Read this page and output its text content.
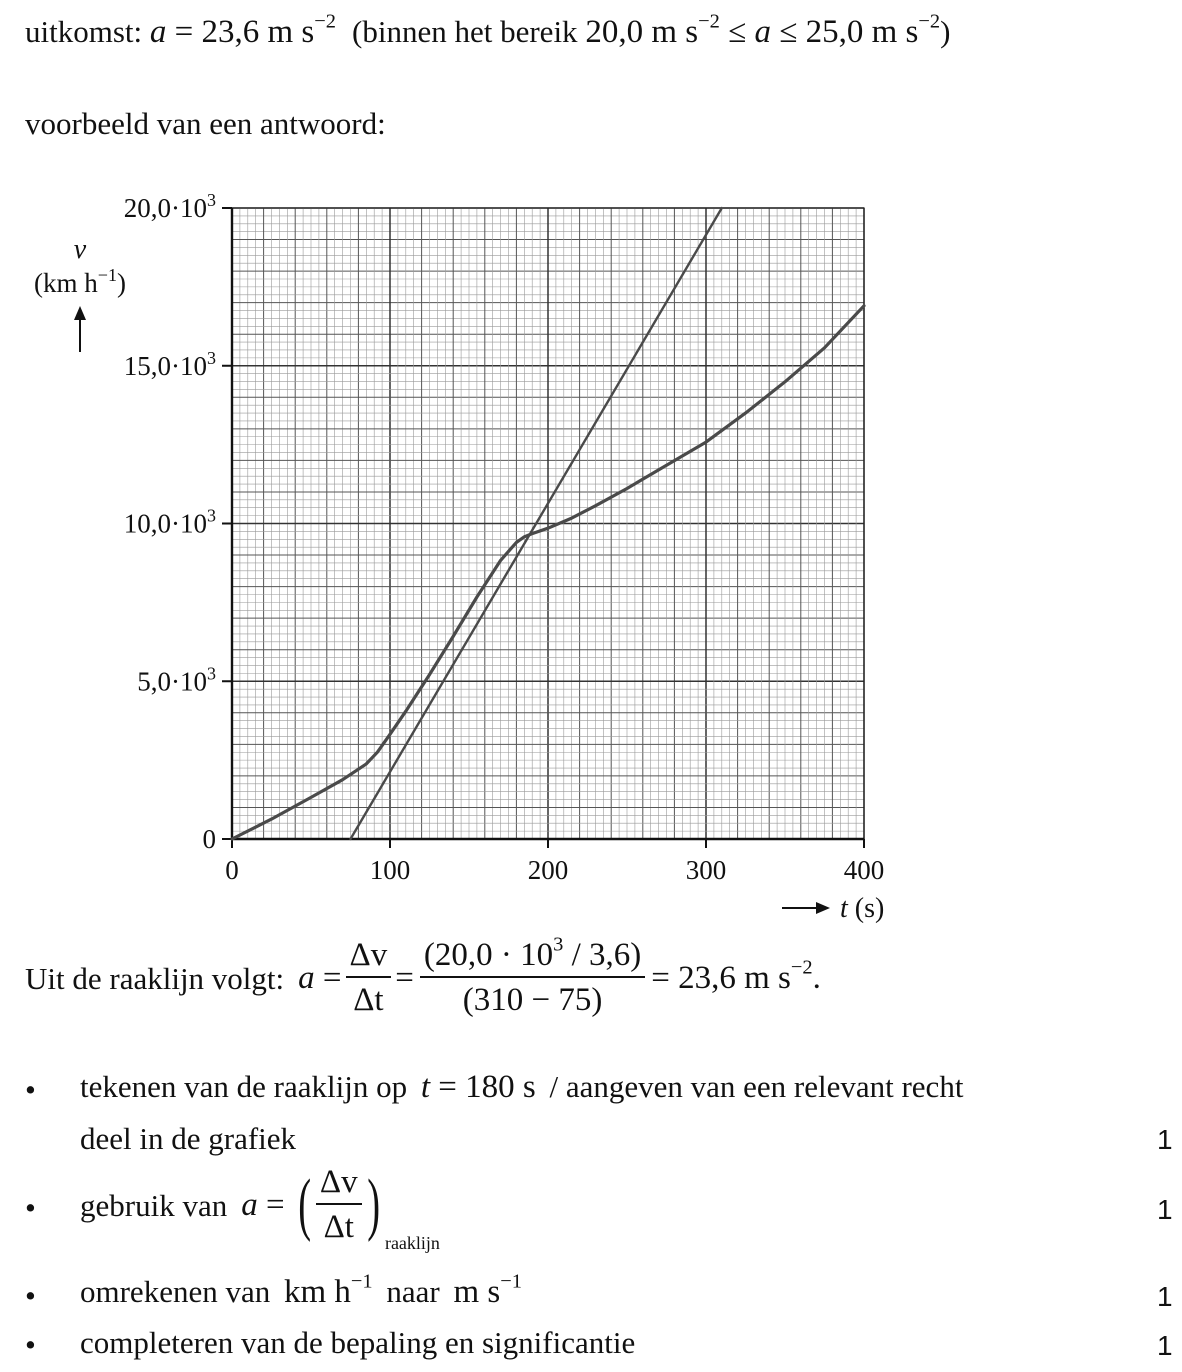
uitkomst: a = 23,6 m $s^{-2}$ (binnen het bereik 20,0 m $s^{-2} \le a \le 25,0$ m $s^{-2}$)
voorbeeld van een antwoord:
0	100	200	300	400
0
$5,0\cdot 10^3$
$10,0\cdot 10^3$
$15,0\cdot 10^3$
$20,0\cdot 10^3$
v
(km $h^{-1}$)
t (s)
Uit de raaklijn volgt: $a = \frac{\Delta v}{\Delta t} = \frac{(20,0 \cdot 10^3 / 3,6)}{(310 - 75)} = 23,6$ m $s^{-2}$.
• tekenen van de raaklijn op t = 180 s / aangeven van een relevant recht
deel in de grafiek	1
• gebruik van a = ( $\frac{\Delta v}{\Delta t}$ ) raaklijn
1
• omrekenen van km $h^{-1}$ naar m $s^{-1}$	1
• completeren van de bepaling en significantie	1
